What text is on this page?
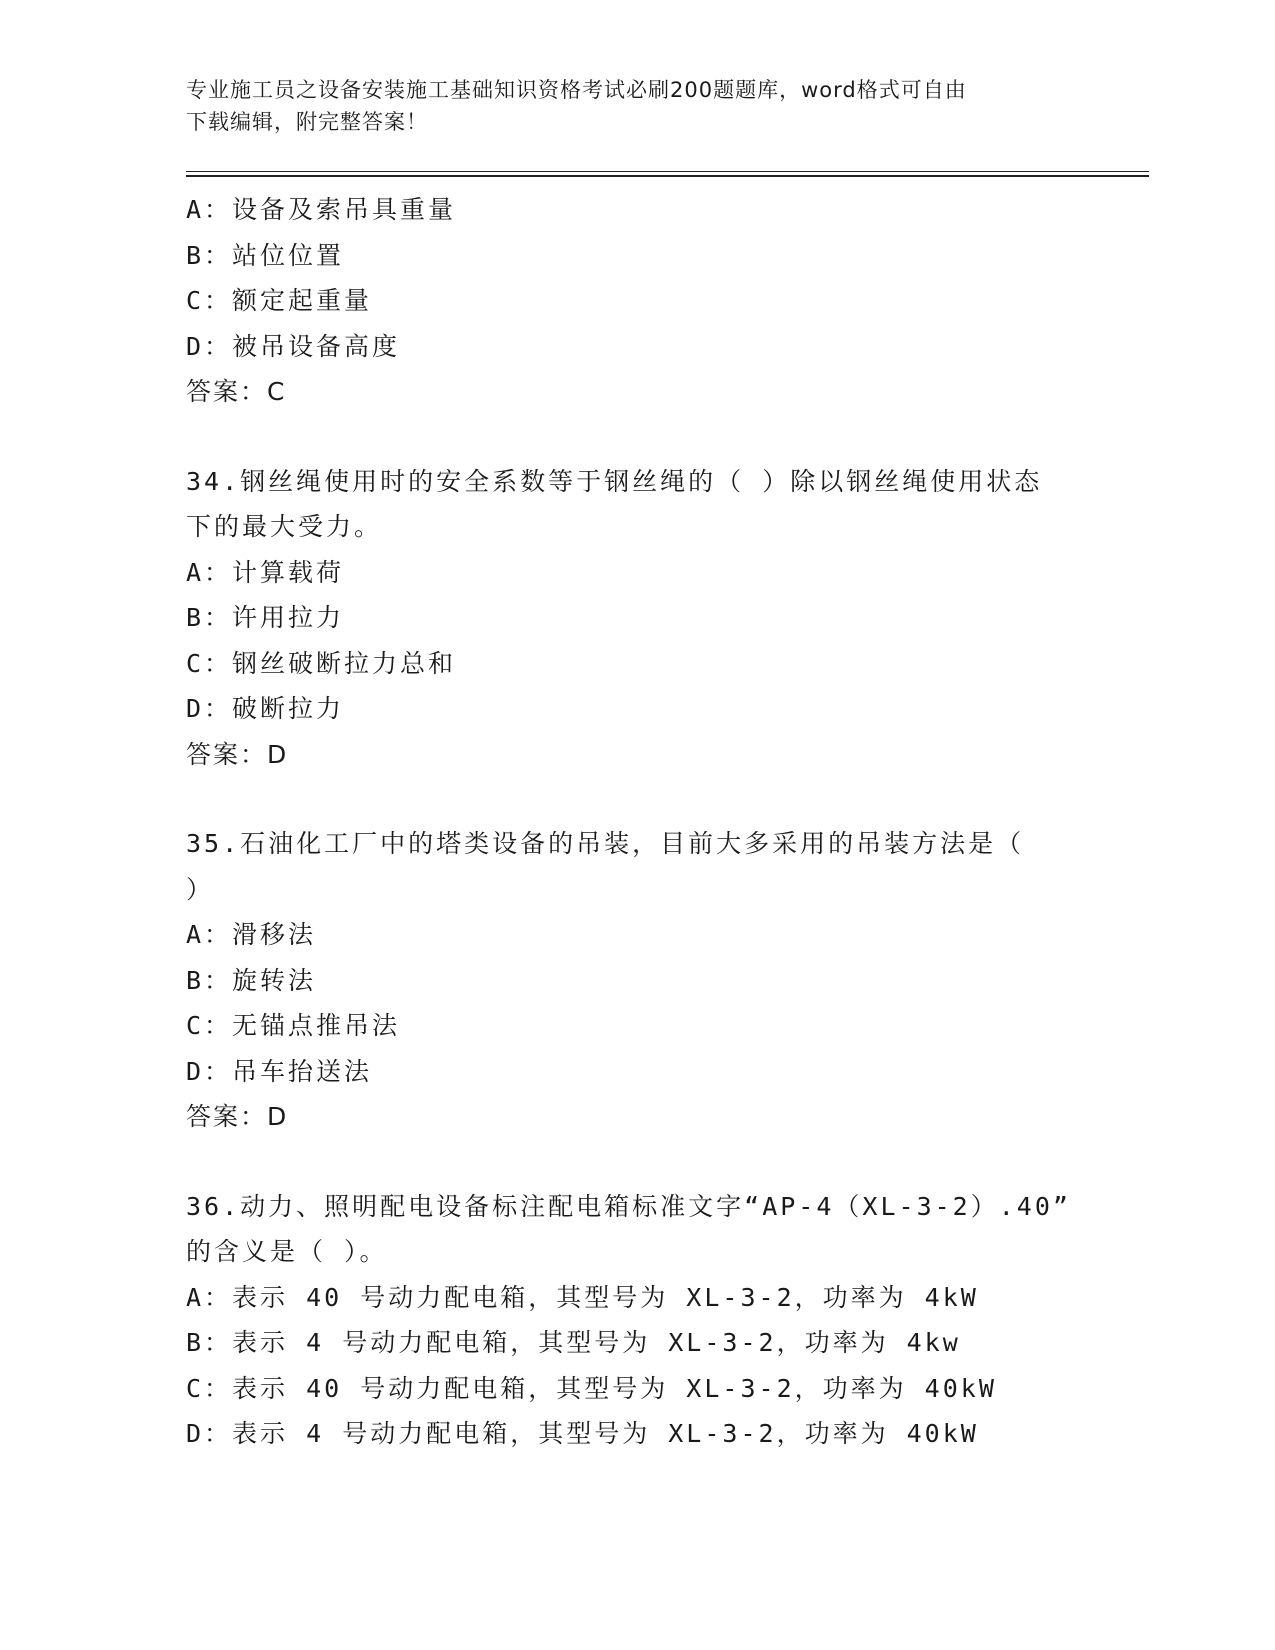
专业施工员之设备安装施工基础知识资格考试必刷200题题库，word格式可自由
下载编辑，附完整答案！
A：设备及索吊具重量
B：站位位置
C：额定起重量
D：被吊设备高度
答案：C
34.钢丝绳使用时的安全系数等于钢丝绳的（ ）除以钢丝绳使用状态
下的最大受力。
A：计算载荷
B：许用拉力
C：钢丝破断拉力总和
D：破断拉力
答案：D
35.石油化工厂中的塔类设备的吊装，目前大多采用的吊装方法是（
）
A：滑移法
B：旋转法
C：无锚点推吊法
D：吊车抬送法
答案：D
36.动力、照明配电设备标注配电箱标准文字“AP-4（XL-3-2）.40”
的含义是（ ）。
A：表示 40 号动力配电箱，其型号为 XL-3-2，功率为 4kW
B：表示 4 号动力配电箱，其型号为 XL-3-2，功率为 4kw
C：表示 40 号动力配电箱，其型号为 XL-3-2，功率为 40kW
D：表示 4 号动力配电箱，其型号为 XL-3-2，功率为 40kW
